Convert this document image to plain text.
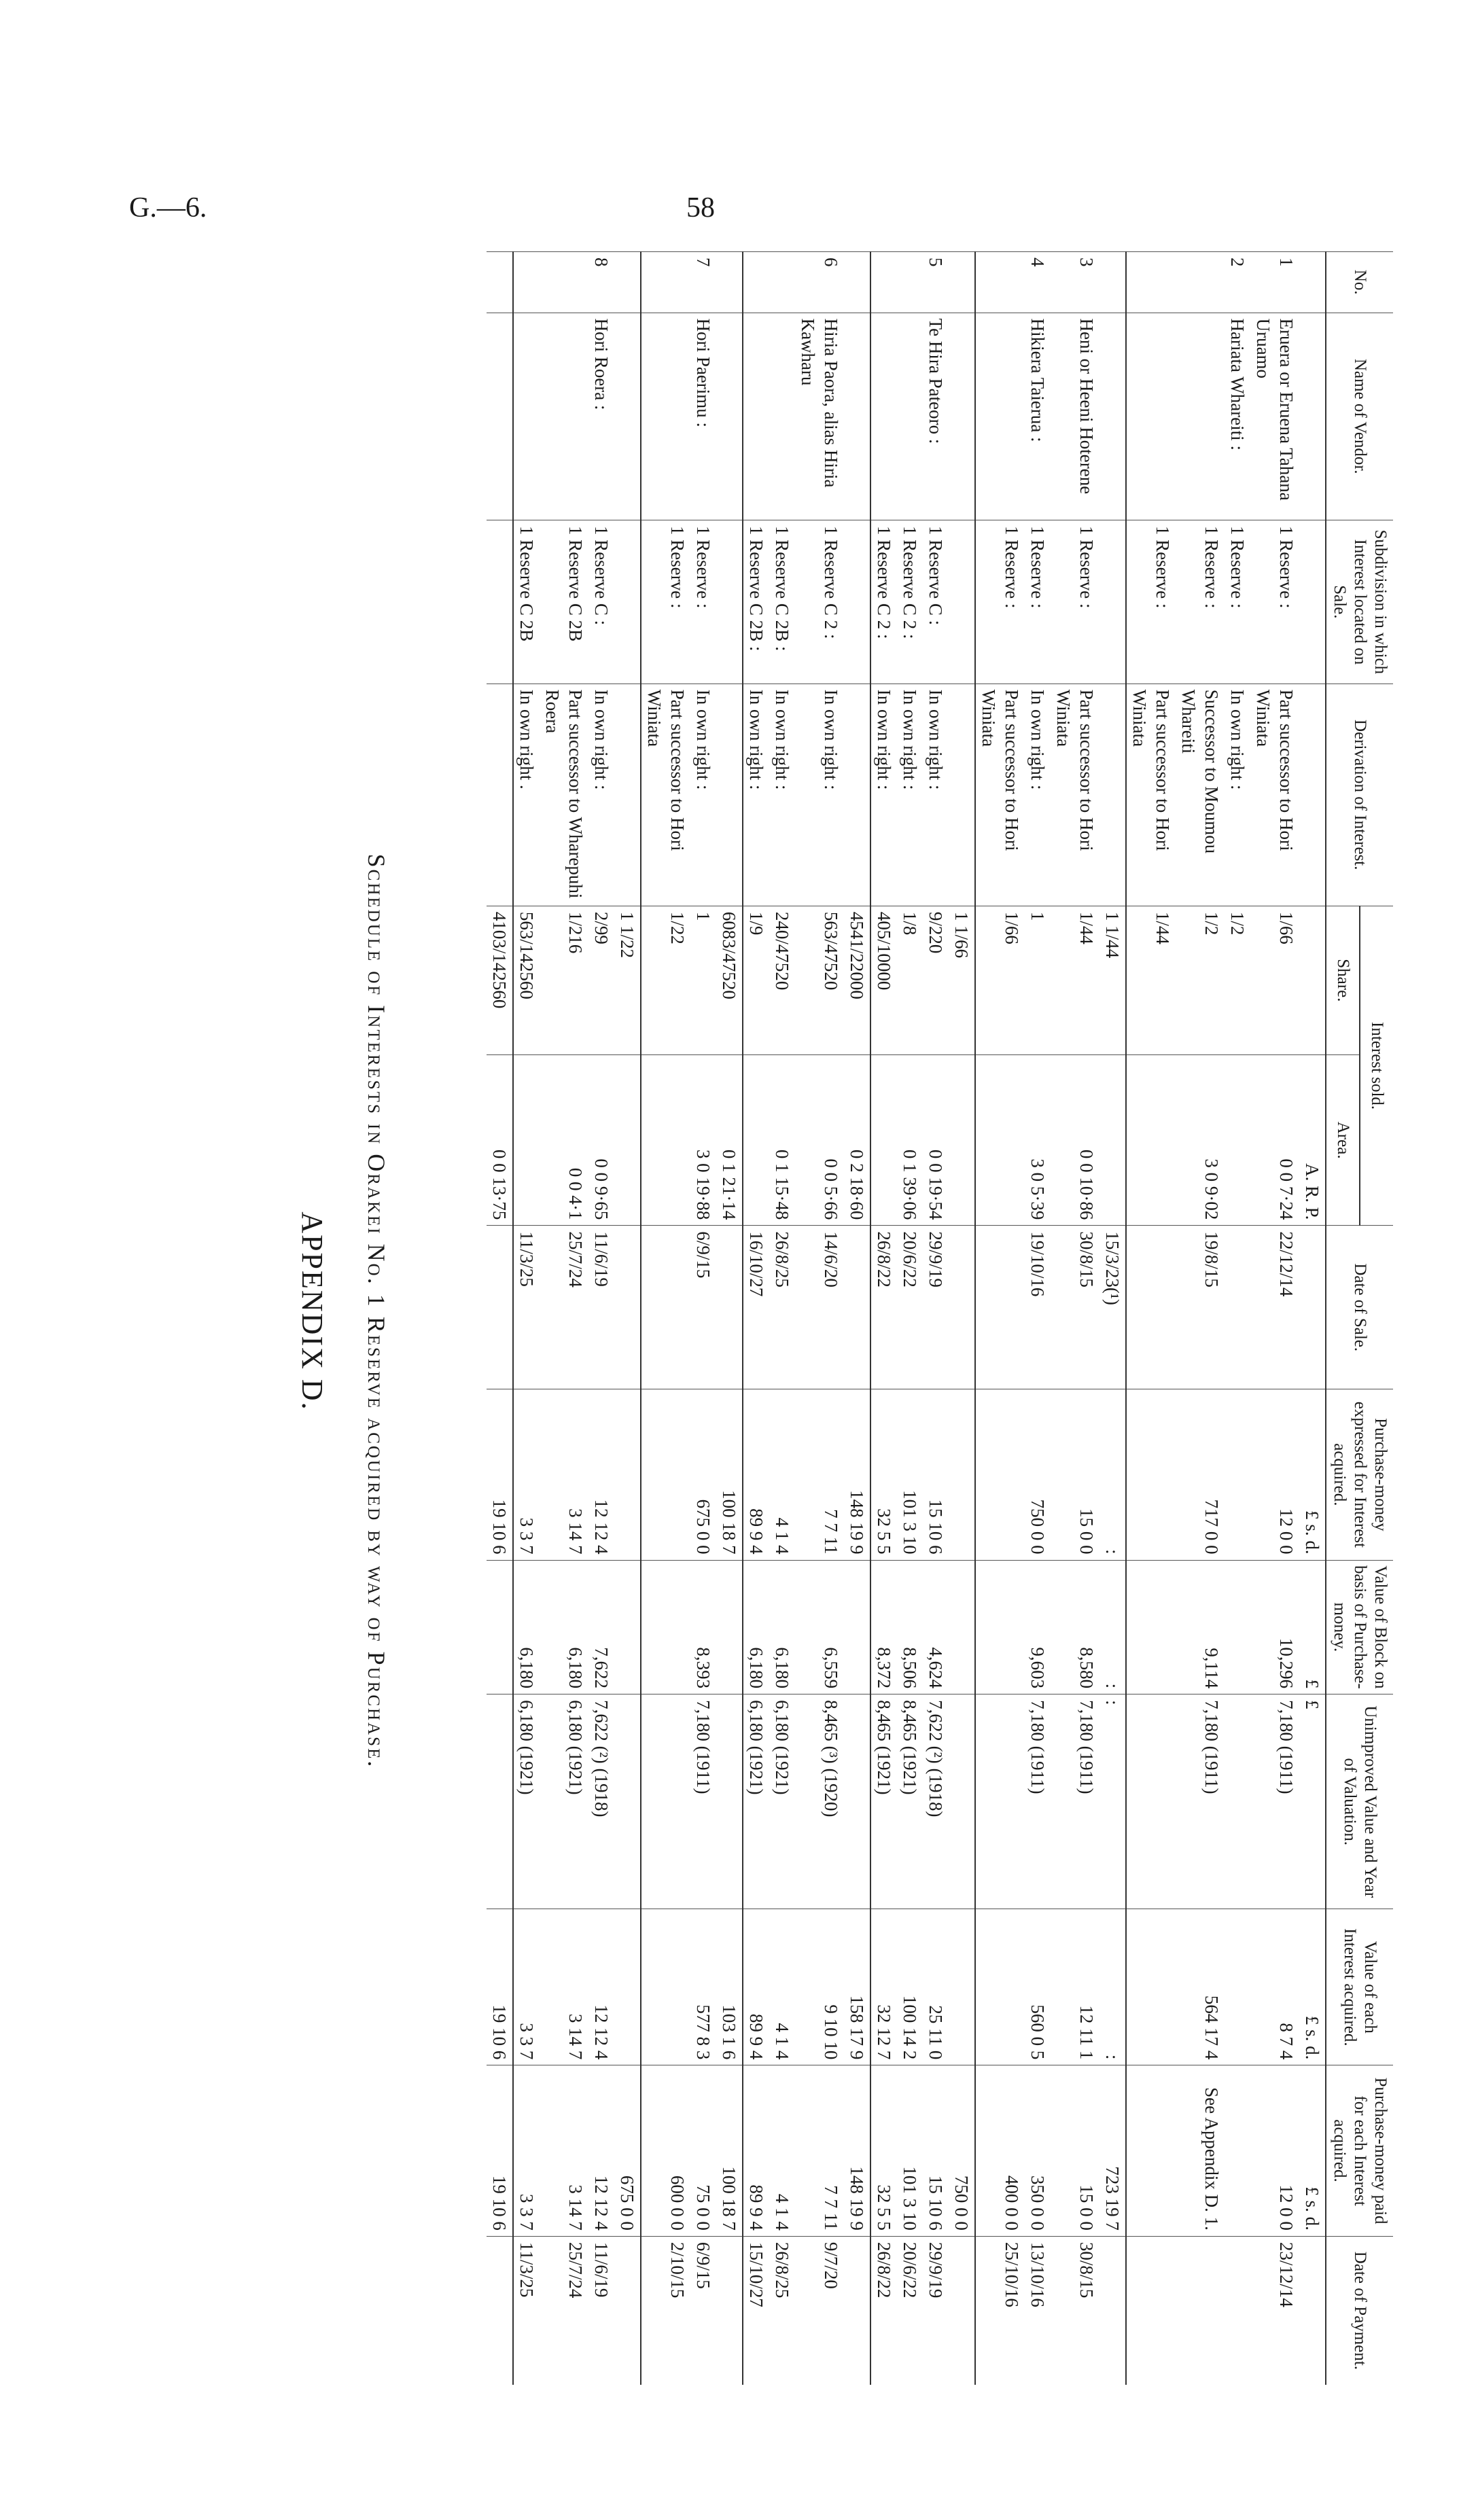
G.—6.	58
APPENDIX D. Schedule of Interests in Orakei No. 1 Reserve acquired by way of Purchase.
No.	Name of Vendor.	Subdivision in which Interest located on Sale.	Derivation of Interest.	Interest sold.		Date of Sale.	Purchase-money expressed for Interest acquired.	Value of Block on basis of Purchase-money.	Unimproved Value and Year of Valuation.	Value of each Interest acquired.	Purchase-money paid for each Interest acquired.	Date of Payment.
				Share.	Area.							
					A. R. P.		£ s. d.	£	£	£ s. d.	£ s. d.	
1	Eruera or Eruena Tahana Uruamo	1 Reserve :	Part successor to Hori Winiata	1/66	0 0 7·24	22/12/14	12 0 0	10,296	7,180 (1911)	8 7 4	12 0 0	23/12/14
2	Hariata Whareiti :	1 Reserve :	In own right :	1/2								
		1 Reserve :	Successor to Moumou Whareiti	1/2	3 0 9·02	19/8/15	717 0 0	9,114	7,180 (1911)	564 17 4	See Appendix D. 1.	
		1 Reserve :	Part successor to Hori Winiata	1/44								
				1 1/44		15/3/23(¹)	:	:	:	:	723 19 7	
3	Heni or Heeni Hoterene	1 Reserve :	Part successor to Hori Winiata	1/44	0 0 10·86	30/8/15	15 0 0	8,580	7,180 (1911)	12 11 1	15 0 0	30/8/15
4	Hikiera Taierua :	1 Reserve :	In own right :	1	3 0 5·39	19/10/16	750 0 0	9,603	7,180 (1911)	560 0 5	350 0 0	13/10/16
		1 Reserve :	Part successor to Hori Winiata	1/66							400 0 0	25/10/16
				1 1/66							750 0 0	
5	Te Hira Pateoro :	1 Reserve C :	In own right :	9/220	0 0 19·54	29/9/19	15 10 6	4,624	7,622 (²) (1918)	25 11 0	15 10 6	29/9/19
		1 Reserve C 2 :	In own right :	1/8	0 1 39·06	20/6/22	101 3 10	8,506	8,465 (1921)	100 14 2	101 3 10	20/6/22
		1 Reserve C 2 :	In own right :	405/10000		26/8/22	32 5 5	8,372	8,465 (1921)	32 12 7	32 5 5	26/8/22
				4541/22000	0 2 18·60		148 19 9			158 17 9	148 19 9	
6	Hiria Paora, alias Hiria Kawharu	1 Reserve C 2 :	In own right :	563/47520	0 0 5·66	14/6/20	7 7 11	6,559	8,465 (³) (1920)	9 10 10	7 7 11	9/7/20
		1 Reserve C 2B :	In own right :	240/47520	0 1 15·48	26/8/25	4 1 4	6,180	6,180 (1921)	4 1 4	4 1 4	26/8/25
		1 Reserve C 2B :	In own right :	1/9		16/10/27	89 9 4	6,180	6,180 (1921)	89 9 4	89 9 4	15/10/27
				6083/47520	0 1 21·14		100 18 7			103 1 6	100 18 7	
7	Hori Paerimu :	1 Reserve :	In own right :	1	3 0 19·88	6/9/15	675 0 0	8,393	7,180 (1911)	577 8 3	75 0 0	6/9/15
		1 Reserve :	Part successor to Hori Winiata	1/22							600 0 0	2/10/15
				1 1/22							675 0 0	
8	Hori Roera :	1 Reserve C :	In own right :	2/99	0 0 9·65	11/6/19	12 12 4	7,622	7,622 (²) (1918)	12 12 4	12 12 4	11/6/19
		1 Reserve C 2B	Part successor to Wharepuhi Roera	1/216	0 0 4·1	25/7/24	3 14 7	6,180	6,180 (1921)	3 14 7	3 14 7	25/7/24
		1 Reserve C 2B	In own right .	563/142560		11/3/25	3 3 7	6,180	6,180 (1921)	3 3 7	3 3 7	11/3/25
				4103/142560	0 0 13·75		19 10 6			19 10 6	19 10 6	
